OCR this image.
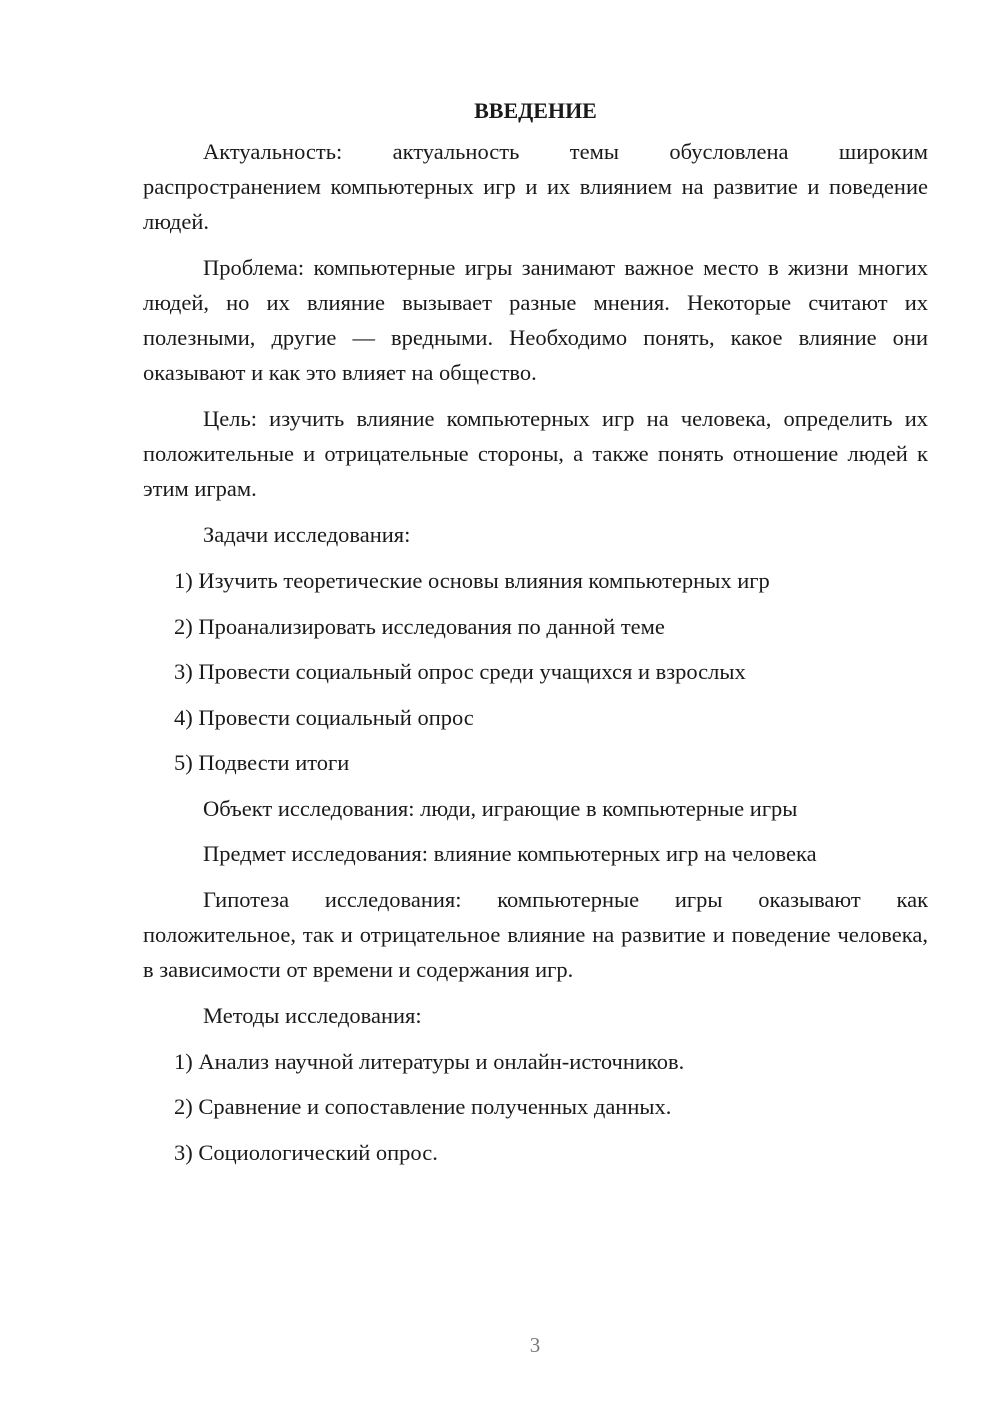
ВВЕДЕНИЕ

Актуальность: актуальность темы обусловлена широким распространением компьютерных игр и их влиянием на развитие и поведение людей.

Проблема: компьютерные игры занимают важное место в жизни многих людей, но их влияние вызывает разные мнения. Некоторые считают их полезными, другие — вредными. Необходимо понять, какое влияние они оказывают и как это влияет на общество.

Цель: изучить влияние компьютерных игр на человека, определить их положительные и отрицательные стороны, а также понять отношение людей к этим играм.

Задачи исследования:
1) Изучить теоретические основы влияния компьютерных игр
2) Проанализировать исследования по данной теме
3) Провести социальный опрос среди учащихся и взрослых
4) Провести социальный опрос
5) Подвести итоги
Объект исследования: люди, играющие в компьютерные игры
Предмет исследования: влияние компьютерных игр на человека

Гипотеза исследования: компьютерные игры оказывают как положительное, так и отрицательное влияние на развитие и поведение человека, в зависимости от времени и содержания игр.

Методы исследования:
1) Анализ научной литературы и онлайн-источников.
2) Сравнение и сопоставление полученных данных.
3) Социологический опрос.
3
